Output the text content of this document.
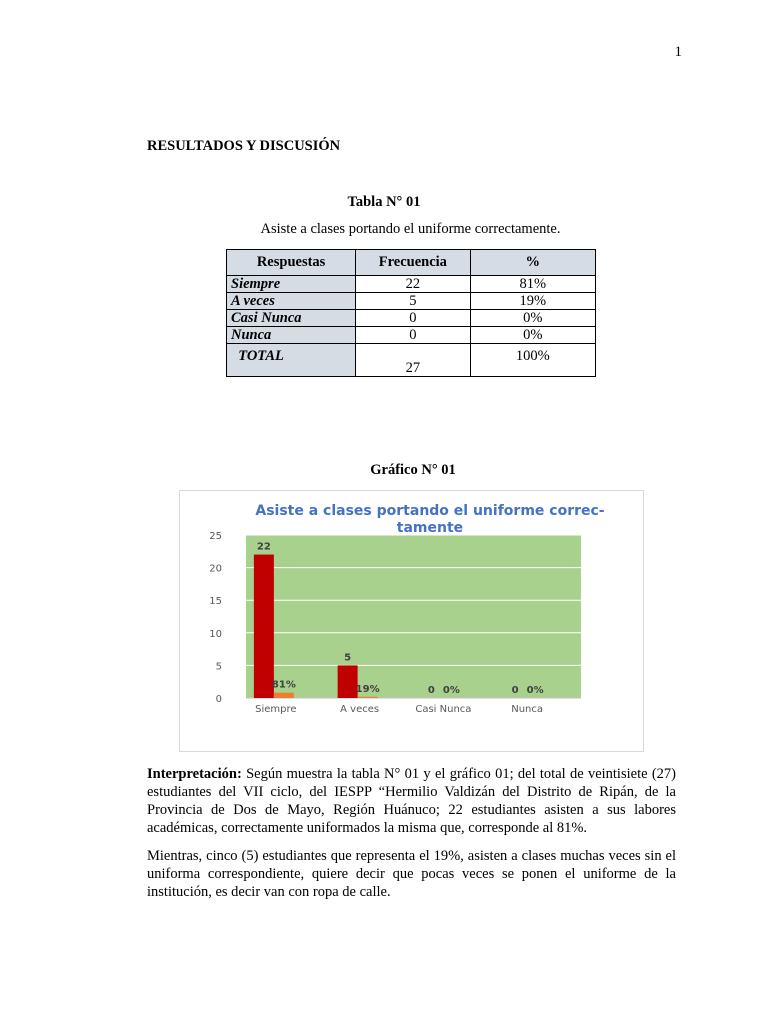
1
RESULTADOS Y DISCUSIÓN
Tabla N° 01
Asiste a clases portando el uniforme correctamente.
Respuestas	Frecuencia	%
Siempre	22	81%
A veces	5	19%
Casi Nunca	0	0%
Nunca	0	0%
TOTAL	27	100%
Gráfico N° 01
0
5
10
15
20
25
Siempre
22
81%
A veces
5
19%
Casi Nunca
0 0%
Nunca
0 0%
Asiste a clases portando el uniforme correc-tamente
Interpretación: Según muestra la tabla N° 01 y el gráfico 01; del total de veintisiete (27) estudiantes del VII ciclo, del IESPP “Hermilio Valdizán del Distrito de Ripán, de la Provincia de Dos de Mayo, Región Huánuco; 22 estudiantes asisten a sus labores académicas, correctamente uniformados la misma que, corresponde al 81%.
Mientras, cinco (5) estudiantes que representa el 19%, asisten a clases muchas veces sin el uniforma correspondiente, quiere decir que pocas veces se ponen el uniforme de la institución, es decir van con ropa de calle.
